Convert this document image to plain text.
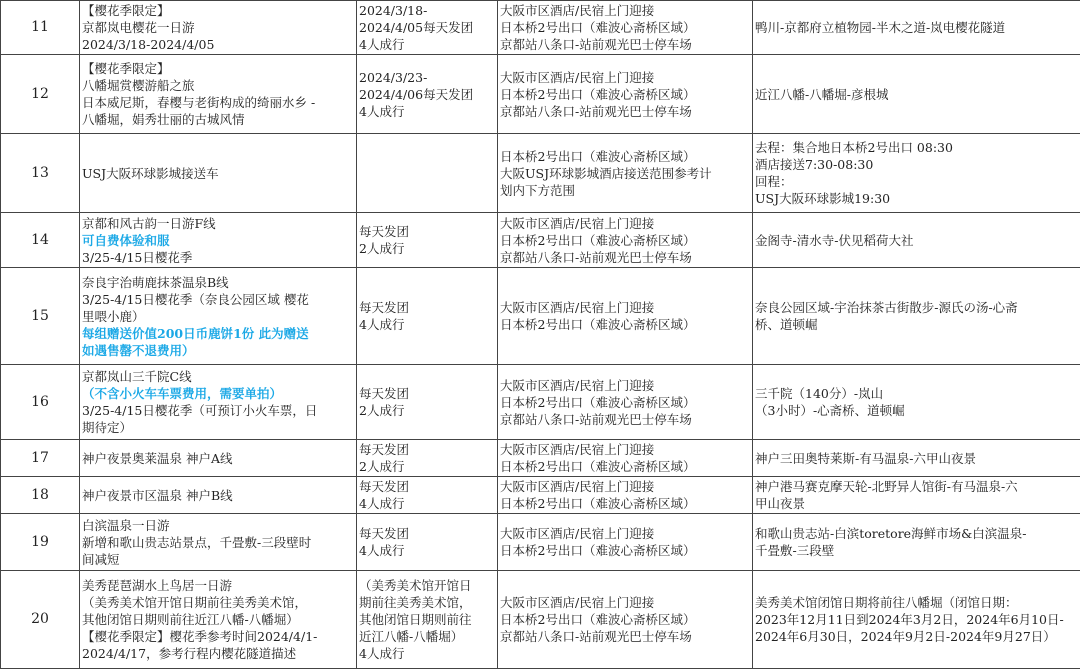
11	【樱花季限定】
京都岚电樱花一日游
2024/3/18-2024/4/05	2024/3/18-
2024/4/05每天发团
4人成行	大阪市区酒店/民宿上门迎接
日本桥2号出口（难波心斋桥区域）
京都站八条口-站前观光巴士停车场	鸭川-京都府立植物园-半木之道-岚电樱花隧道

12	【樱花季限定】
八幡堀赏樱游船之旅
日本威尼斯，春樱与老街构成的绮丽水乡 -
八幡堀，娟秀壮丽的古城风情	2024/3/23-
2024/4/06每天发团
4人成行	大阪市区酒店/民宿上门迎接
日本桥2号出口（难波心斋桥区域）
京都站八条口-站前观光巴士停车场	近江八幡-八幡堀-彦根城

13	USJ大阪环球影城接送车		日本桥2号出口（难波心斋桥区域）
大阪USJ环球影城酒店接送范围参考计
划内下方范围	去程：集合地日本桥2号出口 08:30
酒店接送7:30-08:30
回程：
USJ大阪环球影城19:30

14	京都和风古韵一日游F线
可自费体验和服
3/25-4/15日樱花季	每天发团
2人成行	大阪市区酒店/民宿上门迎接
日本桥2号出口（难波心斋桥区域）
京都站八条口-站前观光巴士停车场	金阁寺-清水寺-伏见稻荷大社

15	奈良宇治萌鹿抹茶温泉B线
3/25-4/15日樱花季（奈良公园区域 樱花
里喂小鹿）
每组赠送价值200日币鹿饼1份 此为赠送
如遇售罄不退费用）	每天发团
4人成行	大阪市区酒店/民宿上门迎接
日本桥2号出口（难波心斋桥区域）	奈良公园区域-宇治抹茶古街散步-源氏の汤-心斋
桥、道顿崛

16	京都岚山三千院C线
（不含小火车车票费用，需要单拍）
3/25-4/15日樱花季（可预订小火车票，日
期待定）	每天发团
2人成行	大阪市区酒店/民宿上门迎接
日本桥2号出口（难波心斋桥区域）
京都站八条口-站前观光巴士停车场	三千院（140分）-岚山
（3小时）-心斋桥、道顿崛

17	神户夜景奥莱温泉 神户A线	每天发团
2人成行	大阪市区酒店/民宿上门迎接
日本桥2号出口（难波心斋桥区域）	神户三田奥特莱斯-有马温泉-六甲山夜景

18	神户夜景市区温泉 神户B线	每天发团
4人成行	大阪市区酒店/民宿上门迎接
日本桥2号出口（难波心斋桥区域）	神户港马赛克摩天轮-北野异人馆街-有马温泉-六
甲山夜景

19	白滨温泉一日游
新增和歌山贵志站景点，千畳敷-三段壁时
间减短	每天发团
4人成行	大阪市区酒店/民宿上门迎接
日本桥2号出口（难波心斋桥区域）	和歌山贵志站-白滨toretore海鲜市场&白滨温泉-
千畳敷-三段壁

20	美秀琵琶湖水上鸟居一日游
（美秀美术馆开馆日期前往美秀美术馆，
其他闭馆日期则前往近江八幡-八幡堀）
【樱花季限定】樱花季参考时间2024/4/1-
2024/4/17，参考行程内樱花隧道描述	（美秀美术馆开馆日
期前往美秀美术馆，
其他闭馆日期则前往
近江八幡-八幡堀）
4人成行	大阪市区酒店/民宿上门迎接
日本桥2号出口（难波心斋桥区域）
京都站八条口-站前观光巴士停车场	美秀美术馆闭馆日期将前往八幡堀（闭馆日期：
2023年12月11日到2024年3月2日，2024年6月10日-
2024年6月30日，2024年9月2日-2024年9月27日）
